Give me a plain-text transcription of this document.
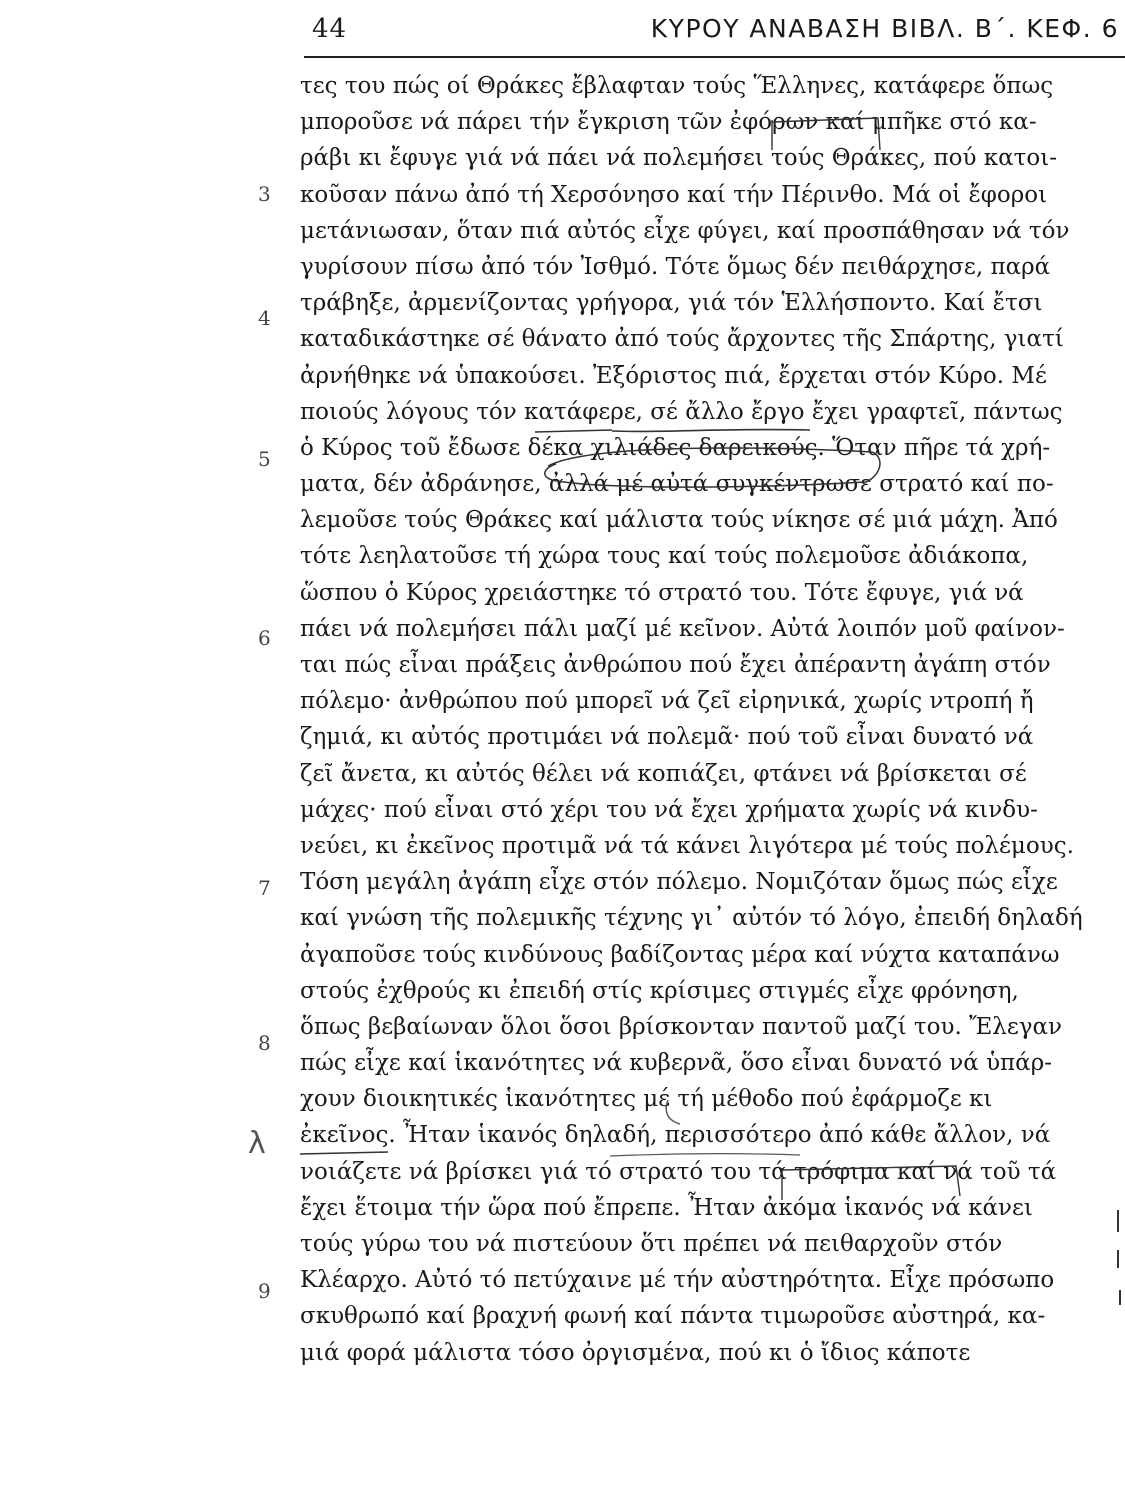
44	ΚΥΡΟΥ ΑΝΑΒΑΣΗ ΒΙΒΛ. Β΄. ΚΕΦ. 6
3
4
5
6
7
8
9
λ
τες του πώς οί Θράκες ἔβλαφταν τούς Ἕλληνες, κατάφερε ὅπως
μποροῦσε νά πάρει τήν ἔγκριση τῶν ἐφόρων καί μπῆκε στό κα-
ράβι κι ἔφυγε γιά νά πάει νά πολεμήσει τούς Θράκες, πού κατοι-
κοῦσαν πάνω ἀπό τή Χερσόνησο καί τήν Πέρινθο. Μά οἱ ἔφοροι
μετάνιωσαν, ὅταν πιά αὐτός εἶχε φύγει, καί προσπάθησαν νά τόν
γυρίσουν πίσω ἀπό τόν Ἰσθμό. Τότε ὅμως δέν πειθάρχησε, παρά
τράβηξε, ἀρμενίζοντας γρήγορα, γιά τόν Ἑλλήσποντο. Καί ἔτσι
καταδικάστηκε σέ θάνατο ἀπό τούς ἄρχοντες τῆς Σπάρτης, γιατί
ἀρνήθηκε νά ὑπακούσει. Ἐξόριστος πιά, ἔρχεται στόν Κύρο. Μέ
ποιούς λόγους τόν κατάφερε, σέ ἄλλο ἔργο ἔχει γραφτεῖ, πάντως
ὁ Κύρος τοῦ ἔδωσε δέκα χιλιάδες δαρεικούς. Ὅταν πῆρε τά χρή-
ματα, δέν ἀδράνησε, ἀλλά μέ αὐτά συγκέντρωσε στρατό καί πο-
λεμοῦσε τούς Θράκες καί μάλιστα τούς νίκησε σέ μιά μάχη. Ἀπό
τότε λεηλατοῦσε τή χώρα τους καί τούς πολεμοῦσε ἀδιάκοπα,
ὥσπου ὁ Κύρος χρειάστηκε τό στρατό του. Τότε ἔφυγε, γιά νά
πάει νά πολεμήσει πάλι μαζί μέ κεῖνον. Αὐτά λοιπόν μοῦ φαίνον-
ται πώς εἶναι πράξεις ἀνθρώπου πού ἔχει ἀπέραντη ἀγάπη στόν
πόλεμο· ἀνθρώπου πού μπορεῖ νά ζεῖ εἰρηνικά, χωρίς ντροπή ἤ
ζημιά, κι αὐτός προτιμάει νά πολεμᾶ· πού τοῦ εἶναι δυνατό νά
ζεῖ ἄνετα, κι αὐτός θέλει νά κοπιάζει, φτάνει νά βρίσκεται σέ
μάχες· πού εἶναι στό χέρι του νά ἔχει χρήματα χωρίς νά κινδυ-
νεύει, κι ἐκεῖνος προτιμᾶ νά τά κάνει λιγότερα μέ τούς πολέμους.
Τόση μεγάλη ἀγάπη εἶχε στόν πόλεμο. Νομιζόταν ὅμως πώς εἶχε
καί γνώση τῆς πολεμικῆς τέχνης γι᾿ αὐτόν τό λόγο, ἐπειδή δηλαδή
ἀγαποῦσε τούς κινδύνους βαδίζοντας μέρα καί νύχτα καταπάνω
στούς ἐχθρούς κι ἐπειδή στίς κρίσιμες στιγμές εἶχε φρόνηση,
ὅπως βεβαίωναν ὅλοι ὅσοι βρίσκονταν παντοῦ μαζί του. Ἔλεγαν
πώς εἶχε καί ἱκανότητες νά κυβερνᾶ, ὅσο εἶναι δυνατό νά ὑπάρ-
χουν διοικητικές ἱκανότητες μέ τή μέθοδο πού ἐφάρμοζε κι
ἐκεῖνος. Ἦταν ἱκανός δηλαδή, περισσότερο ἀπό κάθε ἄλλον, νά
νοιάζετε νά βρίσκει γιά τό στρατό του τά τρόφιμα καί νά τοῦ τά
ἔχει ἕτοιμα τήν ὥρα πού ἔπρεπε. Ἦταν ἀκόμα ἱκανός νά κάνει
τούς γύρω του νά πιστεύουν ὅτι πρέπει νά πειθαρχοῦν στόν
Κλέαρχο. Αὐτό τό πετύχαινε μέ τήν αὐστηρότητα. Εἶχε πρόσωπο
σκυθρωπό καί βραχνή φωνή καί πάντα τιμωροῦσε αὐστηρά, κα-
μιά φορά μάλιστα τόσο ὀργισμένα, πού κι ὁ ἴδιος κάποτε
